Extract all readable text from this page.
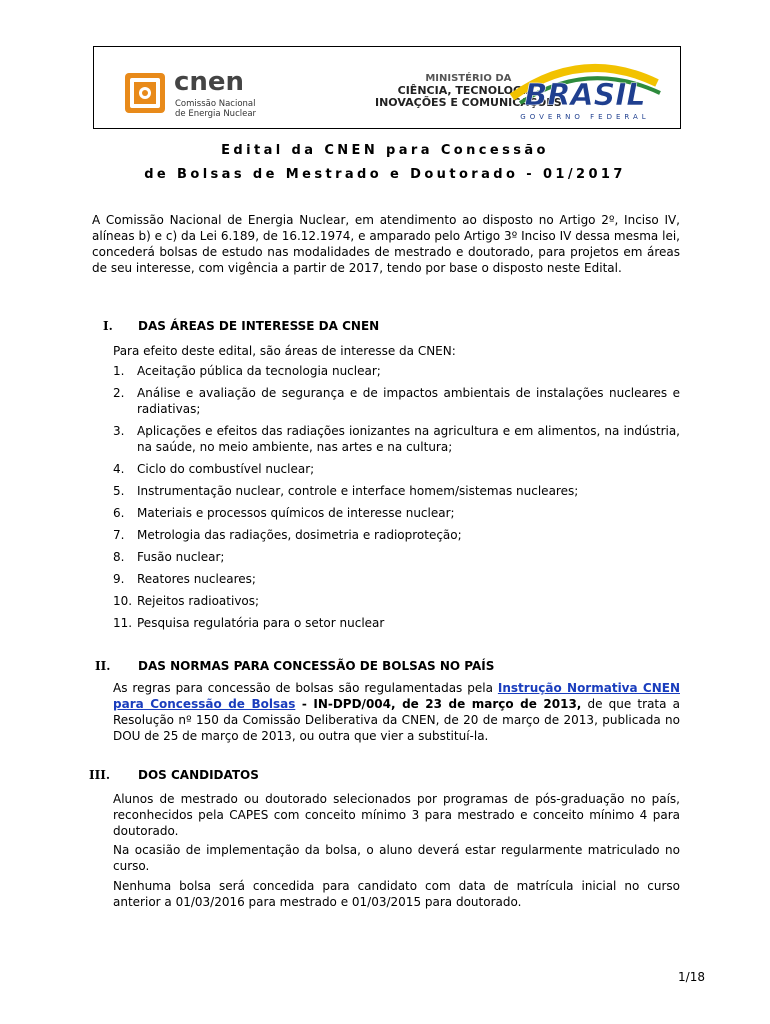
cnen
Comissão Nacional
de Energia Nuclear
MINISTÉRIO DA
CIÊNCIA, TECNOLOGIA,
INOVAÇÕES E COMUNICAÇÕES
BRASIL
GOVERNO FEDERAL
Edital da CNEN para Concessão
de Bolsas de Mestrado e Doutorado - 01/2017
A Comissão Nacional de Energia Nuclear, em atendimento ao disposto no Artigo 2º, Inciso IV, alíneas b) e c) da Lei 6.189, de 16.12.1974, e amparado pelo Artigo 3º Inciso IV dessa mesma lei, concederá bolsas de estudo nas modalidades de mestrado e doutorado, para projetos em áreas de seu interesse, com vigência a partir de 2017, tendo por base o disposto neste Edital.
I. DAS ÁREAS DE INTERESSE DA CNEN
Para efeito deste edital, são áreas de interesse da CNEN:
1. Aceitação pública da tecnologia nuclear;
2. Análise e avaliação de segurança e de impactos ambientais de instalações nucleares e radiativas;
3. Aplicações e efeitos das radiações ionizantes na agricultura e em alimentos, na indústria, na saúde, no meio ambiente, nas artes e na cultura;
4. Ciclo do combustível nuclear;
5. Instrumentação nuclear, controle e interface homem/sistemas nucleares;
6. Materiais e processos químicos de interesse nuclear;
7. Metrologia das radiações, dosimetria e radioproteção;
8. Fusão nuclear;
9. Reatores nucleares;
10. Rejeitos radioativos;
11. Pesquisa regulatória para o setor nuclear
II. DAS NORMAS PARA CONCESSÃO DE BOLSAS NO PAÍS
As regras para concessão de bolsas são regulamentadas pela Instrução Normativa CNEN para Concessão de Bolsas - IN-DPD/004, de 23 de março de 2013, de que trata a Resolução nº 150 da Comissão Deliberativa da CNEN, de 20 de março de 2013, publicada no DOU de 25 de março de 2013, ou outra que vier a substituí-la.
III. DOS CANDIDATOS
Alunos de mestrado ou doutorado selecionados por programas de pós-graduação no país, reconhecidos pela CAPES com conceito mínimo 3 para mestrado e conceito mínimo 4 para doutorado.
Na ocasião de implementação da bolsa, o aluno deverá estar regularmente matriculado no curso.
Nenhuma bolsa será concedida para candidato com data de matrícula inicial no curso anterior a 01/03/2016 para mestrado e 01/03/2015 para doutorado.
1/18
